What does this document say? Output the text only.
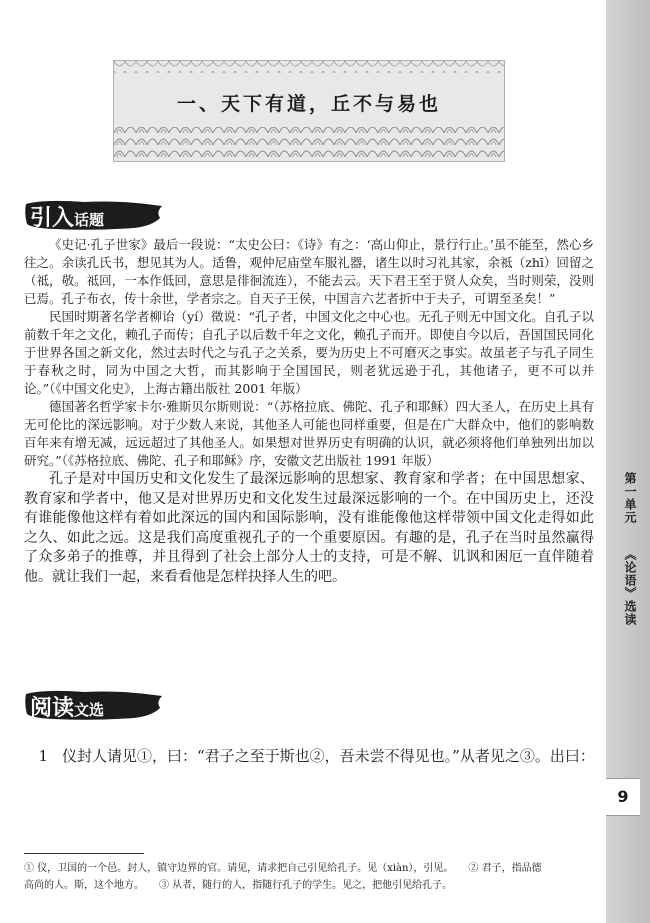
第一单元
《论语》选读
9
一、天下有道，丘不与易也
引入话题

《史记·孔子世家》最后一段说：“太史公曰：《诗》有之：‘高山仰止，景行行止。’虽不能至，然心乡往之。余读孔氏书，想见其为人。适鲁，观仲尼庙堂车服礼器，诸生以时习礼其家，余祗（zhī）回留之（祗，敬。祗回，一本作低回，意思是徘徊流连），不能去云。天下君王至于贤人众矣，当时则荣，没则已焉。孔子布衣，传十余世，学者宗之。自天子王侯，中国言六艺者折中于夫子，可谓至圣矣！”

民国时期著名学者柳诒（yí）徵说：“孔子者，中国文化之中心也。无孔子则无中国文化。自孔子以前数千年之文化，赖孔子而传；自孔子以后数千年之文化，赖孔子而开。即使自今以后，吾国国民同化于世界各国之新文化，然过去时代之与孔子之关系，要为历史上不可磨灭之事实。故虽老子与孔子同生于春秋之时，同为中国之大哲，而其影响于全国国民，则老犹远逊于孔，其他诸子，更不可以并论。”（《中国文化史》，上海古籍出版社 2001 年版）

德国著名哲学家卡尔·雅斯贝尔斯则说：“（苏格拉底、佛陀、孔子和耶稣）四大圣人，在历史上具有无可伦比的深远影响。对于少数人来说，其他圣人可能也同样重要，但是在广大群众中，他们的影响数百年来有增无减，远远超过了其他圣人。如果想对世界历史有明确的认识，就必须将他们单独列出加以研究。”（《苏格拉底、佛陀、孔子和耶稣》序，安徽文艺出版社 1991 年版）

孔子是对中国历史和文化发生了最深远影响的思想家、教育家和学者；在中国思想家、教育家和学者中，他又是对世界历史和文化发生过最深远影响的一个。在中国历史上，还没有谁能像他这样有着如此深远的国内和国际影响，没有谁能像他这样带领中国文化走得如此之久、如此之远。这是我们高度重视孔子的一个重要原因。有趣的是，孔子在当时虽然赢得了众多弟子的推尊，并且得到了社会上部分人士的支持，可是不解、讥讽和困厄一直伴随着他。就让我们一起，来看看他是怎样抉择人生的吧。

阅读文选
1 仪封人请见①，曰：“君子之至于斯也②，吾未尝不得见也。”从者见之③。出曰：
① 仪，卫国的一个邑。封人，镇守边界的官。请见，请求把自己引见给孔子。见（xiàn），引见。　　② 君子，指品德
高尚的人。斯，这个地方。　　③ 从者，随行的人，指随行孔子的学生。见之，把他引见给孔子。
